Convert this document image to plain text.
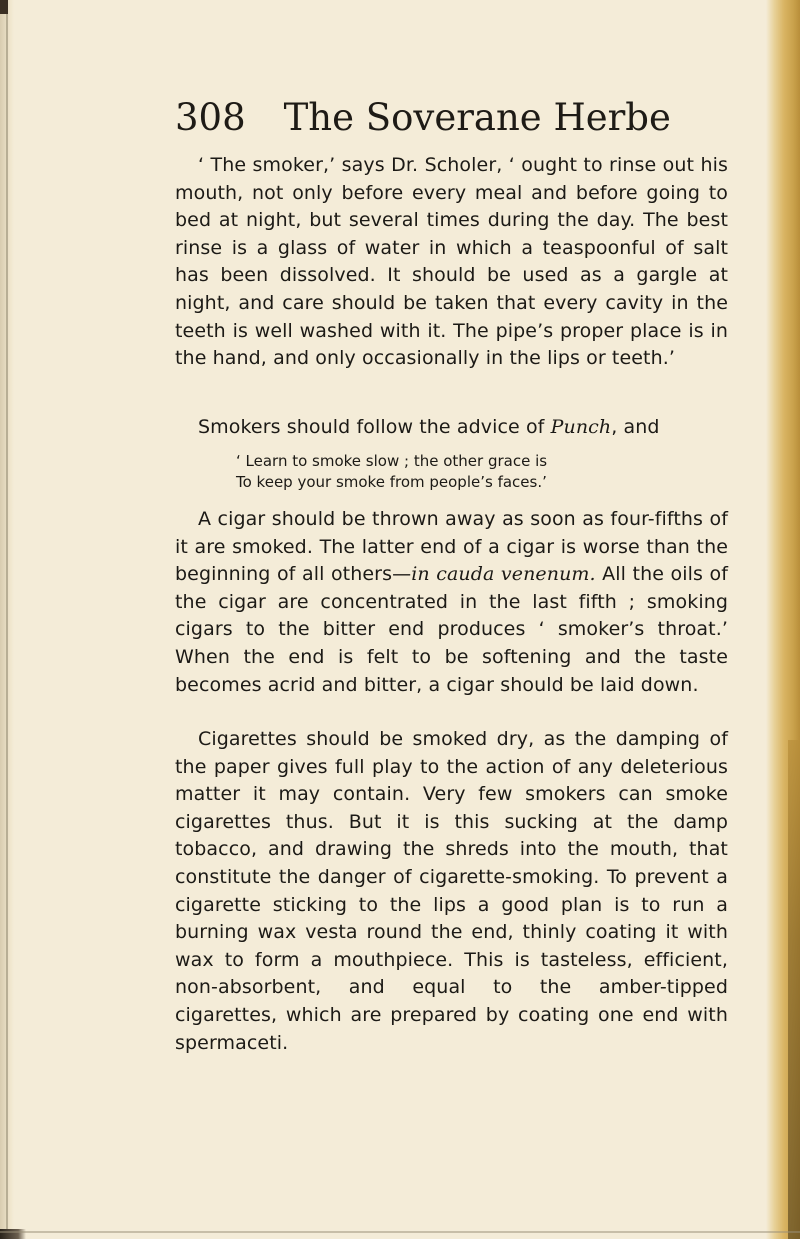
308 The Soverane Herbe

‘ The smoker,’ says Dr. Scholer, ‘ ought to rinse out his mouth, not only before every meal and before going to bed at night, but several times during the day. The best rinse is a glass of water in which a teaspoonful of salt has been dissolved. It should be used as a gargle at night, and care should be taken that every cavity in the teeth is well washed with it. The pipe’s proper place is in the hand, and only occasionally in the lips or teeth.’

Smokers should follow the advice of Punch, and

‘ Learn to smoke slow ; the other grace is
To keep your smoke from people’s faces.’

A cigar should be thrown away as soon as four-fifths of it are smoked. The latter end of a cigar is worse than the beginning of all others—in cauda venenum. All the oils of the cigar are concentrated in the last fifth ; smoking cigars to the bitter end produces ‘ smoker’s throat.’ When the end is felt to be softening and the taste becomes acrid and bitter, a cigar should be laid down.

Cigarettes should be smoked dry, as the damping of the paper gives full play to the action of any deleterious matter it may contain. Very few smokers can smoke cigarettes thus. But it is this sucking at the damp tobacco, and drawing the shreds into the mouth, that constitute the danger of cigarette-smoking. To prevent a cigarette sticking to the lips a good plan is to run a burning wax vesta round the end, thinly coating it with wax to form a mouthpiece. This is tasteless, efficient, non-absorbent, and equal to the amber-tipped cigarettes, which are prepared by coating one end with spermaceti.
